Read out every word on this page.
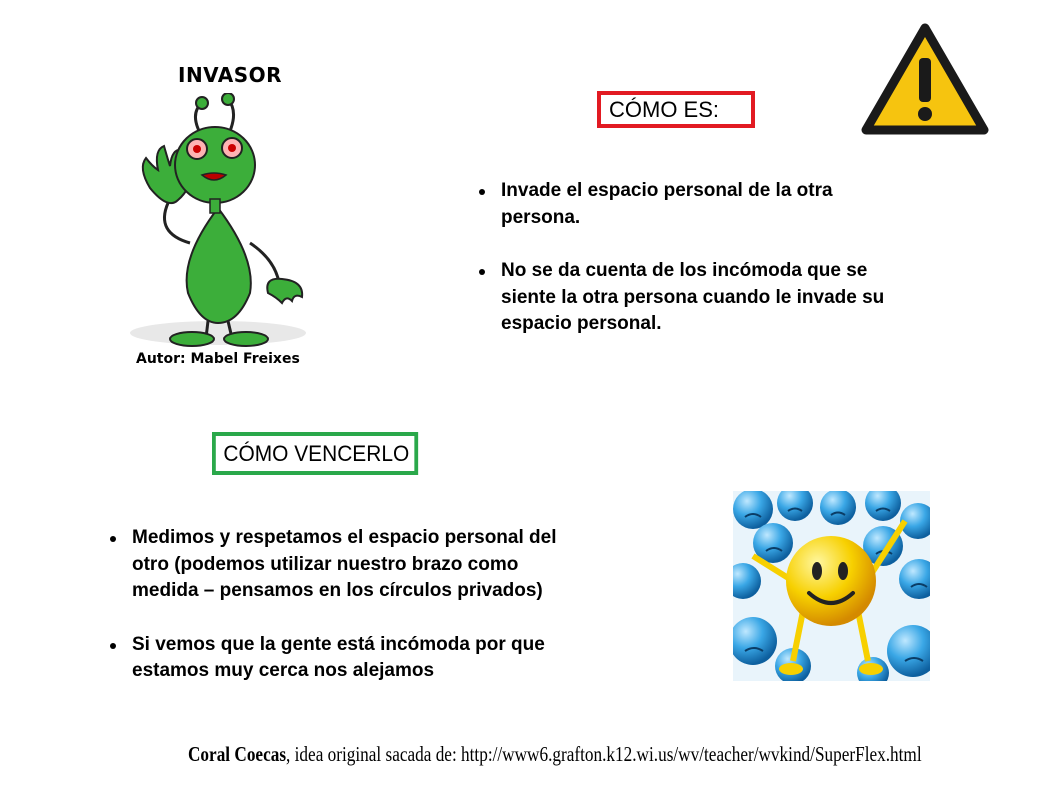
INVASOR
Autor: Mabel Freixes
CÓMO ES:
Invade el espacio personal de la otra persona.
No se da cuenta de los incómoda que se siente la otra persona cuando le invade su espacio personal.
CÓMO VENCERLO
Medimos y respetamos el espacio personal del otro (podemos utilizar nuestro brazo como medida – pensamos en los círculos privados)
Si vemos que la gente está incómoda por que estamos muy cerca nos alejamos
Coral Coecas, idea original sacada de: http://www6.grafton.k12.wi.us/wv/teacher/wvkind/SuperFlex.html
